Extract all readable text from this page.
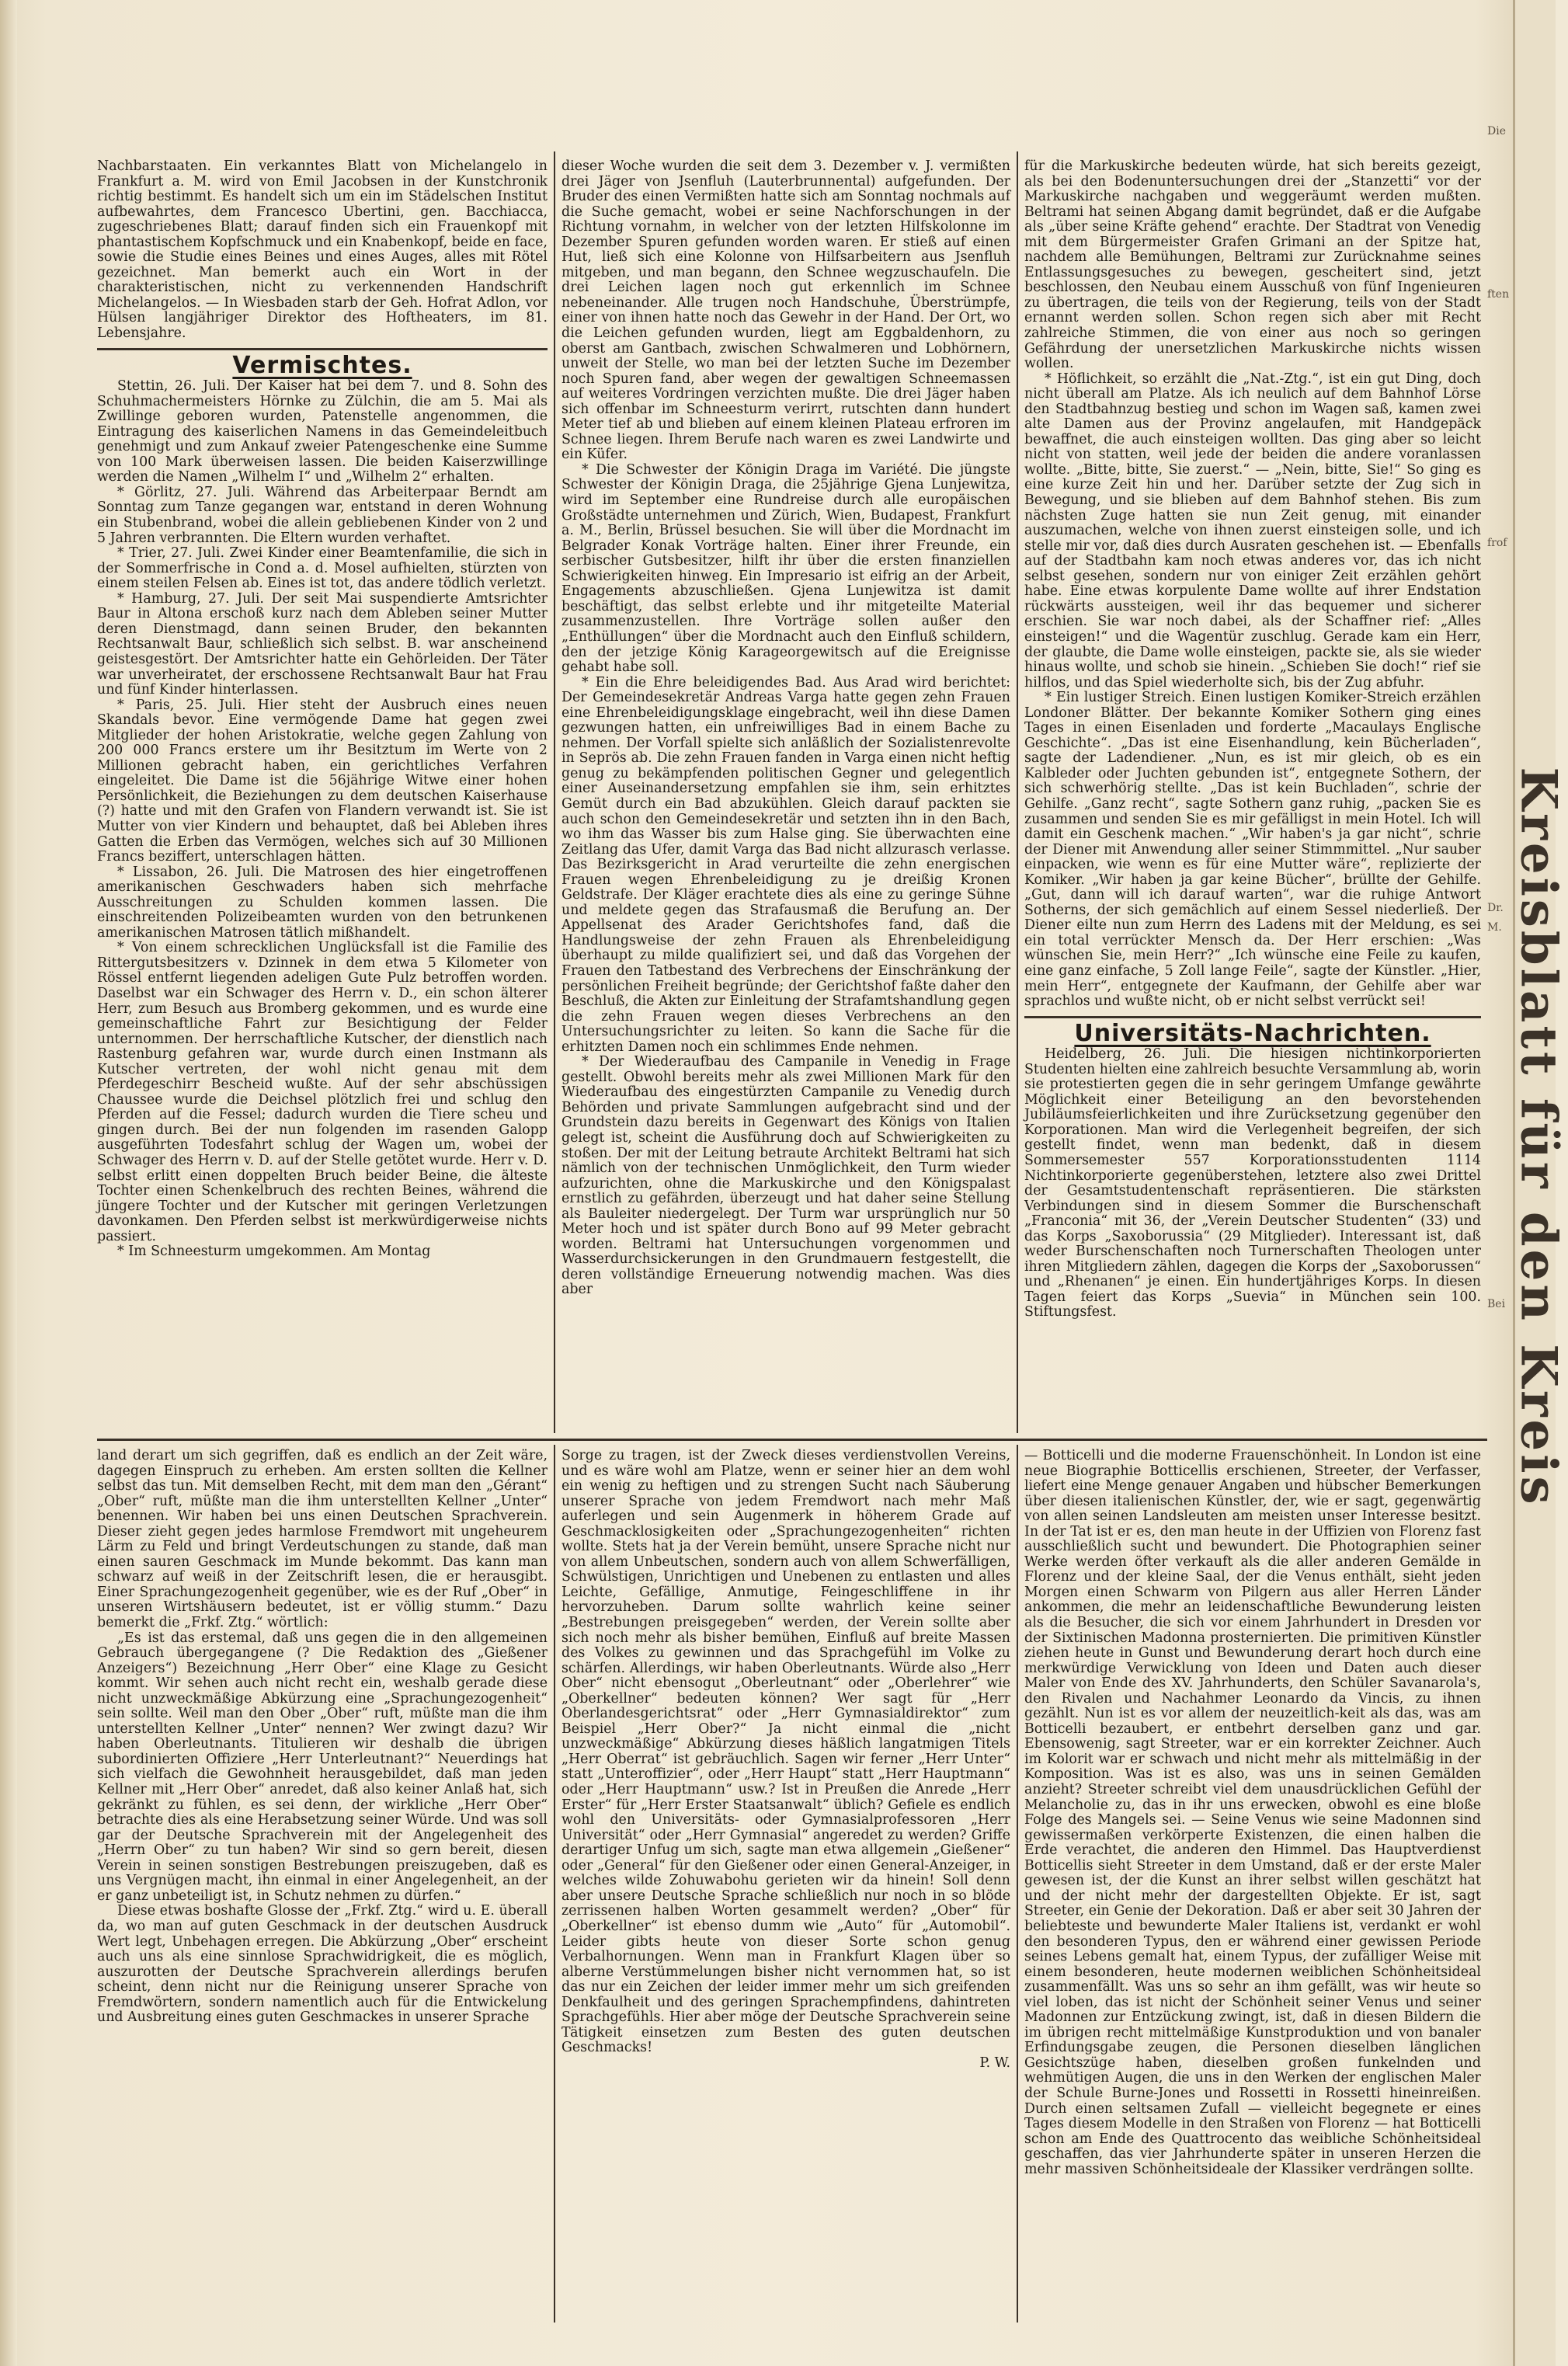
Nachbarstaaten. Ein verkanntes Blatt von Michelangelo in Frankfurt a. M. wird von Emil Jacobsen in der Kunstchronik richtig bestimmt. Es handelt sich um ein im Städelschen Institut aufbewahrtes, dem Francesco Ubertini, gen. Bacchiacca, zugeschriebenes Blatt; darauf finden sich ein Frauenkopf mit phantastischem Kopfschmuck und ein Knabenkopf, beide en face, sowie die Studie eines Beines und eines Auges, alles mit Rötel gezeichnet. Man bemerkt auch ein Wort in der charakteristischen, nicht zu verkennenden Handschrift Michelangelos. — In Wiesbaden starb der Geh. Hofrat Adlon, vor Hülsen langjähriger Direktor des Hoftheaters, im 81. Lebensjahre.

Vermischtes.

Stettin, 26. Juli. Der Kaiser hat bei dem 7. und 8. Sohn des Schuhmachermeisters Hörnke zu Zülchin, die am 5. Mai als Zwillinge geboren wurden, Patenstelle angenommen, die Eintragung des kaiserlichen Namens in das Gemeindeleitbuch genehmigt und zum Ankauf zweier Patengeschenke eine Summe von 100 Mark überweisen lassen. Die beiden Kaiserzwillinge werden die Namen „Wilhelm I“ und „Wilhelm 2“ erhalten.

* Görlitz, 27. Juli. Während das Arbeiterpaar Berndt am Sonntag zum Tanze gegangen war, entstand in deren Wohnung ein Stubenbrand, wobei die allein gebliebenen Kinder von 2 und 5 Jahren verbrannten. Die Eltern wurden verhaftet.

* Trier, 27. Juli. Zwei Kinder einer Beamtenfamilie, die sich in der Sommerfrische in Cond a. d. Mosel aufhielten, stürzten von einem steilen Felsen ab. Eines ist tot, das andere tödlich verletzt.

* Hamburg, 27. Juli. Der seit Mai suspendierte Amtsrichter Baur in Altona erschoß kurz nach dem Ableben seiner Mutter deren Dienstmagd, dann seinen Bruder, den bekannten Rechtsanwalt Baur, schließlich sich selbst. B. war anscheinend geistesgestört. Der Amtsrichter hatte ein Gehörleiden. Der Täter war unverheiratet, der erschossene Rechtsanwalt Baur hat Frau und fünf Kinder hinterlassen.

* Paris, 25. Juli. Hier steht der Ausbruch eines neuen Skandals bevor. Eine vermögende Dame hat gegen zwei Mitglieder der hohen Aristokratie, welche gegen Zahlung von 200 000 Francs erstere um ihr Besitztum im Werte von 2 Millionen gebracht haben, ein gerichtliches Verfahren eingeleitet. Die Dame ist die 56jährige Witwe einer hohen Persönlichkeit, die Beziehungen zu dem deutschen Kaiserhause (?) hatte und mit den Grafen von Flandern verwandt ist. Sie ist Mutter von vier Kindern und behauptet, daß bei Ableben ihres Gatten die Erben das Vermögen, welches sich auf 30 Millionen Francs beziffert, unterschlagen hätten.

* Lissabon, 26. Juli. Die Matrosen des hier eingetroffenen amerikanischen Geschwaders haben sich mehrfache Ausschreitungen zu Schulden kommen lassen. Die einschreitenden Polizeibeamten wurden von den betrunkenen amerikanischen Matrosen tätlich mißhandelt.

* Von einem schrecklichen Unglücksfall ist die Familie des Rittergutsbesitzers v. Dzinnek in dem etwa 5 Kilometer von Rössel entfernt liegenden adeligen Gute Pulz betroffen worden. Daselbst war ein Schwager des Herrn v. D., ein schon älterer Herr, zum Besuch aus Bromberg gekommen, und es wurde eine gemeinschaftliche Fahrt zur Besichtigung der Felder unternommen. Der herrschaftliche Kutscher, der dienstlich nach Rastenburg gefahren war, wurde durch einen Instmann als Kutscher vertreten, der wohl nicht genau mit dem Pferdegeschirr Bescheid wußte. Auf der sehr abschüssigen Chaussee wurde die Deichsel plötzlich frei und schlug den Pferden auf die Fessel; dadurch wurden die Tiere scheu und gingen durch. Bei der nun folgenden im rasenden Galopp ausgeführten Todesfahrt schlug der Wagen um, wobei der Schwager des Herrn v. D. auf der Stelle getötet wurde. Herr v. D. selbst erlitt einen doppelten Bruch beider Beine, die älteste Tochter einen Schenkelbruch des rechten Beines, während die jüngere Tochter und der Kutscher mit geringen Verletzungen davonkamen. Den Pferden selbst ist merkwürdigerweise nichts passiert.

* Im Schneesturm umgekommen. Am Montag

dieser Woche wurden die seit dem 3. Dezember v. J. vermißten drei Jäger von Jsenfluh (Lauterbrunnental) aufgefunden. Der Bruder des einen Vermißten hatte sich am Sonntag nochmals auf die Suche gemacht, wobei er seine Nachforschungen in der Richtung vornahm, in welcher von der letzten Hilfskolonne im Dezember Spuren gefunden worden waren. Er stieß auf einen Hut, ließ sich eine Kolonne von Hilfsarbeitern aus Jsenfluh mitgeben, und man begann, den Schnee wegzuschaufeln. Die drei Leichen lagen noch gut erkennlich im Schnee nebeneinander. Alle trugen noch Handschuhe, Überstrümpfe, einer von ihnen hatte noch das Gewehr in der Hand. Der Ort, wo die Leichen gefunden wurden, liegt am Eggbaldenhorn, zu oberst am Gantbach, zwischen Schwalmeren und Lobhörnern, unweit der Stelle, wo man bei der letzten Suche im Dezember noch Spuren fand, aber wegen der gewaltigen Schneemassen auf weiteres Vordringen verzichten mußte. Die drei Jäger haben sich offenbar im Schneesturm verirrt, rutschten dann hundert Meter tief ab und blieben auf einem kleinen Plateau erfroren im Schnee liegen. Ihrem Berufe nach waren es zwei Landwirte und ein Küfer.

* Die Schwester der Königin Draga im Variété. Die jüngste Schwester der Königin Draga, die 25jährige Gjena Lunjewitza, wird im September eine Rundreise durch alle europäischen Großstädte unternehmen und Zürich, Wien, Budapest, Frankfurt a. M., Berlin, Brüssel besuchen. Sie will über die Mordnacht im Belgrader Konak Vorträge halten. Einer ihrer Freunde, ein serbischer Gutsbesitzer, hilft ihr über die ersten finanziellen Schwierigkeiten hinweg. Ein Impresario ist eifrig an der Arbeit, Engagements abzuschließen. Gjena Lunjewitza ist damit beschäftigt, das selbst erlebte und ihr mitgeteilte Material zusammenzustellen. Ihre Vorträge sollen außer den „Enthüllungen“ über die Mordnacht auch den Einfluß schildern, den der jetzige König Karageorgewitsch auf die Ereignisse gehabt habe soll.

* Ein die Ehre beleidigendes Bad. Aus Arad wird berichtet: Der Gemeindesekretär Andreas Varga hatte gegen zehn Frauen eine Ehrenbeleidigungsklage eingebracht, weil ihn diese Damen gezwungen hatten, ein unfreiwilliges Bad in einem Bache zu nehmen. Der Vorfall spielte sich anläßlich der Sozialistenrevolte in Seprös ab. Die zehn Frauen fanden in Varga einen nicht heftig genug zu bekämpfenden politischen Gegner und gelegentlich einer Auseinandersetzung empfahlen sie ihm, sein erhitztes Gemüt durch ein Bad abzukühlen. Gleich darauf packten sie auch schon den Gemeindesekretär und setzten ihn in den Bach, wo ihm das Wasser bis zum Halse ging. Sie überwachten eine Zeitlang das Ufer, damit Varga das Bad nicht allzurasch verlasse. Das Bezirksgericht in Arad verurteilte die zehn energischen Frauen wegen Ehrenbeleidigung zu je dreißig Kronen Geldstrafe. Der Kläger erachtete dies als eine zu geringe Sühne und meldete gegen das Strafausmaß die Berufung an. Der Appellsenat des Arader Gerichtshofes fand, daß die Handlungsweise der zehn Frauen als Ehrenbeleidigung überhaupt zu milde qualifiziert sei, und daß das Vorgehen der Frauen den Tatbestand des Verbrechens der Einschränkung der persönlichen Freiheit begründe; der Gerichtshof faßte daher den Beschluß, die Akten zur Einleitung der Strafamtshandlung gegen die zehn Frauen wegen dieses Verbrechens an den Untersuchungsrichter zu leiten. So kann die Sache für die erhitzten Damen noch ein schlimmes Ende nehmen.

* Der Wiederaufbau des Campanile in Venedig in Frage gestellt. Obwohl bereits mehr als zwei Millionen Mark für den Wiederaufbau des eingestürzten Campanile zu Venedig durch Behörden und private Sammlungen aufgebracht sind und der Grundstein dazu bereits in Gegenwart des Königs von Italien gelegt ist, scheint die Ausführung doch auf Schwierigkeiten zu stoßen. Der mit der Leitung betraute Architekt Beltrami hat sich nämlich von der technischen Unmöglichkeit, den Turm wieder aufzurichten, ohne die Markuskirche und den Königspalast ernstlich zu gefährden, überzeugt und hat daher seine Stellung als Bauleiter niedergelegt. Der Turm war ursprünglich nur 50 Meter hoch und ist später durch Bono auf 99 Meter gebracht worden. Beltrami hat Untersuchungen vorgenommen und Wasserdurchsickerungen in den Grundmauern festgestellt, die deren vollständige Erneuerung notwendig machen. Was dies aber

für die Markuskirche bedeuten würde, hat sich bereits gezeigt, als bei den Bodenuntersuchungen drei der „Stanzetti“ vor der Markuskirche nachgaben und weggeräumt werden mußten. Beltrami hat seinen Abgang damit begründet, daß er die Aufgabe als „über seine Kräfte gehend“ erachte. Der Stadtrat von Venedig mit dem Bürgermeister Grafen Grimani an der Spitze hat, nachdem alle Bemühungen, Beltrami zur Zurücknahme seines Entlassungsgesuches zu bewegen, gescheitert sind, jetzt beschlossen, den Neubau einem Ausschuß von fünf Ingenieuren zu übertragen, die teils von der Regierung, teils von der Stadt ernannt werden sollen. Schon regen sich aber mit Recht zahlreiche Stimmen, die von einer aus noch so geringen Gefährdung der unersetzlichen Markuskirche nichts wissen wollen.

* Höflichkeit, so erzählt die „Nat.-Ztg.“, ist ein gut Ding, doch nicht überall am Platze. Als ich neulich auf dem Bahnhof Lörse den Stadtbahnzug bestieg und schon im Wagen saß, kamen zwei alte Damen aus der Provinz angelaufen, mit Handgepäck bewaffnet, die auch einsteigen wollten. Das ging aber so leicht nicht von statten, weil jede der beiden die andere voranlassen wollte. „Bitte, bitte, Sie zuerst.“ — „Nein, bitte, Sie!“ So ging es eine kurze Zeit hin und her. Darüber setzte der Zug sich in Bewegung, und sie blieben auf dem Bahnhof stehen. Bis zum nächsten Zuge hatten sie nun Zeit genug, mit einander auszumachen, welche von ihnen zuerst einsteigen solle, und ich stelle mir vor, daß dies durch Ausraten geschehen ist. — Ebenfalls auf der Stadtbahn kam noch etwas anderes vor, das ich nicht selbst gesehen, sondern nur von einiger Zeit erzählen gehört habe. Eine etwas korpulente Dame wollte auf ihrer Endstation rückwärts aussteigen, weil ihr das bequemer und sicherer erschien. Sie war noch dabei, als der Schaffner rief: „Alles einsteigen!“ und die Wagentür zuschlug. Gerade kam ein Herr, der glaubte, die Dame wolle einsteigen, packte sie, als sie wieder hinaus wollte, und schob sie hinein. „Schieben Sie doch!“ rief sie hilflos, und das Spiel wiederholte sich, bis der Zug abfuhr.

* Ein lustiger Streich. Einen lustigen Komiker-Streich erzählen Londoner Blätter. Der bekannte Komiker Sothern ging eines Tages in einen Eisenladen und forderte „Macaulays Englische Geschichte“. „Das ist eine Eisenhandlung, kein Bücherladen“, sagte der Ladendiener. „Nun, es ist mir gleich, ob es ein Kalbleder oder Juchten gebunden ist“, entgegnete Sothern, der sich schwerhörig stellte. „Das ist kein Buchladen“, schrie der Gehilfe. „Ganz recht“, sagte Sothern ganz ruhig, „packen Sie es zusammen und senden Sie es mir gefälligst in mein Hotel. Ich will damit ein Geschenk machen.“ „Wir haben's ja gar nicht“, schrie der Diener mit Anwendung aller seiner Stimmmittel. „Nur sauber einpacken, wie wenn es für eine Mutter wäre“, replizierte der Komiker. „Wir haben ja gar keine Bücher“, brüllte der Gehilfe. „Gut, dann will ich darauf warten“, war die ruhige Antwort Sotherns, der sich gemächlich auf einem Sessel niederließ. Der Diener eilte nun zum Herrn des Ladens mit der Meldung, es sei ein total verrückter Mensch da. Der Herr erschien: „Was wünschen Sie, mein Herr?“ „Ich wünsche eine Feile zu kaufen, eine ganz einfache, 5 Zoll lange Feile“, sagte der Künstler. „Hier, mein Herr“, entgegnete der Kaufmann, der Gehilfe aber war sprachlos und wußte nicht, ob er nicht selbst verrückt sei!

Universitäts-Nachrichten.

Heidelberg, 26. Juli. Die hiesigen nichtinkorporierten Studenten hielten eine zahlreich besuchte Versammlung ab, worin sie protestierten gegen die in sehr geringem Umfange gewährte Möglichkeit einer Beteiligung an den bevorstehenden Jubiläumsfeierlichkeiten und ihre Zurücksetzung gegenüber den Korporationen. Man wird die Verlegenheit begreifen, der sich gestellt findet, wenn man bedenkt, daß in diesem Sommersemester 557 Korporationsstudenten 1114 Nichtinkorporierte gegenüberstehen, letztere also zwei Drittel der Gesamtstudentenschaft repräsentieren. Die stärksten Verbindungen sind in diesem Sommer die Burschenschaft „Franconia“ mit 36, der „Verein Deutscher Studenten“ (33) und das Korps „Saxoborussia“ (29 Mitglieder). Interessant ist, daß weder Burschenschaften noch Turnerschaften Theologen unter ihren Mitgliedern zählen, dagegen die Korps der „Saxoborussen“ und „Rhenanen“ je einen. Ein hundertjähriges Korps. In diesen Tagen feiert das Korps „Suevia“ in München sein 100. Stiftungsfest.

land derart um sich gegriffen, daß es endlich an der Zeit wäre, dagegen Einspruch zu erheben. Am ersten sollten die Kellner selbst das tun. Mit demselben Recht, mit dem man den „Gérant“ „Ober“ ruft, müßte man die ihm unterstellten Kellner „Unter“ benennen. Wir haben bei uns einen Deutschen Sprachverein. Dieser zieht gegen jedes harmlose Fremdwort mit ungeheurem Lärm zu Feld und bringt Verdeutschungen zu stande, daß man einen sauren Geschmack im Munde bekommt. Das kann man schwarz auf weiß in der Zeitschrift lesen, die er herausgibt. Einer Sprachungezogenheit gegenüber, wie es der Ruf „Ober“ in unseren Wirtshäusern bedeutet, ist er völlig stumm.“ Dazu bemerkt die „Frkf. Ztg.“ wörtlich:

„Es ist das erstemal, daß uns gegen die in den allgemeinen Gebrauch übergegangene (? Die Redaktion des „Gießener Anzeigers“) Bezeichnung „Herr Ober“ eine Klage zu Gesicht kommt. Wir sehen auch nicht recht ein, weshalb gerade diese nicht unzweckmäßige Abkürzung eine „Sprachungezogenheit“ sein sollte. Weil man den Ober „Ober“ ruft, müßte man die ihm unterstellten Kellner „Unter“ nennen? Wer zwingt dazu? Wir haben Oberleutnants. Titulieren wir deshalb die übrigen subordinierten Offiziere „Herr Unterleutnant?“ Neuerdings hat sich vielfach die Gewohnheit herausgebildet, daß man jeden Kellner mit „Herr Ober“ anredet, daß also keiner Anlaß hat, sich gekränkt zu fühlen, es sei denn, der wirkliche „Herr Ober“ betrachte dies als eine Herabsetzung seiner Würde. Und was soll gar der Deutsche Sprachverein mit der Angelegenheit des „Herrn Ober“ zu tun haben? Wir sind so gern bereit, diesen Verein in seinen sonstigen Bestrebungen preiszugeben, daß es uns Vergnügen macht, ihn einmal in einer Angelegenheit, an der er ganz unbeteiligt ist, in Schutz nehmen zu dürfen.“

Diese etwas boshafte Glosse der „Frkf. Ztg.“ wird u. E. überall da, wo man auf guten Geschmack in der deutschen Ausdruck Wert legt, Unbehagen erregen. Die Abkürzung „Ober“ erscheint auch uns als eine sinnlose Sprachwidrigkeit, die es möglich, auszurotten der Deutsche Sprachverein allerdings berufen scheint, denn nicht nur die Reinigung unserer Sprache von Fremdwörtern, sondern namentlich auch für die Entwickelung und Ausbreitung eines guten Geschmackes in unserer Sprache

Sorge zu tragen, ist der Zweck dieses verdienstvollen Vereins, und es wäre wohl am Platze, wenn er seiner hier an dem wohl ein wenig zu heftigen und zu strengen Sucht nach Säuberung unserer Sprache von jedem Fremdwort nach mehr Maß auferlegen und sein Augenmerk in höherem Grade auf Geschmacklosigkeiten oder „Sprachungezogenheiten“ richten wollte. Stets hat ja der Verein bemüht, unsere Sprache nicht nur von allem Unbeutschen, sondern auch von allem Schwerfälligen, Schwülstigen, Unrichtigen und Unebenen zu entlasten und alles Leichte, Gefällige, Anmutige, Feingeschliffene in ihr hervorzuheben. Darum sollte wahrlich keine seiner „Bestrebungen preisgegeben“ werden, der Verein sollte aber sich noch mehr als bisher bemühen, Einfluß auf breite Massen des Volkes zu gewinnen und das Sprachgefühl im Volke zu schärfen. Allerdings, wir haben Oberleutnants. Würde also „Herr Ober“ nicht ebensogut „Oberleutnant“ oder „Oberlehrer“ wie „Oberkellner“ bedeuten können? Wer sagt für „Herr Oberlandesgerichtsrat“ oder „Herr Gymnasialdirektor“ zum Beispiel „Herr Ober?“ Ja nicht einmal die „nicht unzweckmäßige“ Abkürzung dieses häßlich langatmigen Titels „Herr Oberrat“ ist gebräuchlich. Sagen wir ferner „Herr Unter“ statt „Unteroffizier“, oder „Herr Haupt“ statt „Herr Hauptmann“ oder „Herr Hauptmann“ usw.? Ist in Preußen die Anrede „Herr Erster“ für „Herr Erster Staatsanwalt“ üblich? Gefiele es endlich wohl den Universitäts- oder Gymnasialprofessoren „Herr Universität“ oder „Herr Gymnasial“ angeredet zu werden? Griffe derartiger Unfug um sich, sagte man etwa allgemein „Gießener“ oder „General“ für den Gießener oder einen General-Anzeiger, in welches wilde Zohuwabohu gerieten wir da hinein! Soll denn aber unsere Deutsche Sprache schließlich nur noch in so blöde zerrissenen halben Worten gesammelt werden? „Ober“ für „Oberkellner“ ist ebenso dumm wie „Auto“ für „Automobil“. Leider gibts heute von dieser Sorte schon genug Verbalhornungen. Wenn man in Frankfurt Klagen über so alberne Verstümmelungen bisher nicht vernommen hat, so ist das nur ein Zeichen der leider immer mehr um sich greifenden Denkfaulheit und des geringen Sprachempfindens, dahintreten Sprachgefühls. Hier aber möge der Deutsche Sprachverein seine Tätigkeit einsetzen zum Besten des guten deutschen Geschmacks!

P. W.

— Botticelli und die moderne Frauenschönheit. In London ist eine neue Biographie Botticellis erschienen, Streeter, der Verfasser, liefert eine Menge genauer Angaben und hübscher Bemerkungen über diesen italienischen Künstler, der, wie er sagt, gegenwärtig von allen seinen Landsleuten am meisten unser Interesse besitzt. In der Tat ist er es, den man heute in der Uffizien von Florenz fast ausschließlich sucht und bewundert. Die Photographien seiner Werke werden öfter verkauft als die aller anderen Gemälde in Florenz und der kleine Saal, der die Venus enthält, sieht jeden Morgen einen Schwarm von Pilgern aus aller Herren Länder ankommen, die mehr an leidenschaftliche Bewunderung leisten als die Besucher, die sich vor einem Jahrhundert in Dresden vor der Sixtinischen Madonna prosternierten. Die primitiven Künstler ziehen heute in Gunst und Bewunderung derart hoch durch eine merkwürdige Verwicklung von Ideen und Daten auch dieser Maler von Ende des XV. Jahrhunderts, den Schüler Savanarola's, den Rivalen und Nachahmer Leonardo da Vincis, zu ihnen gezählt. Nun ist es vor allem der neuzeitlich-keit als das, was am Botticelli bezaubert, er entbehrt derselben ganz und gar. Ebensowenig, sagt Streeter, war er ein korrekter Zeichner. Auch im Kolorit war er schwach und nicht mehr als mittelmäßig in der Komposition. Was ist es also, was uns in seinen Gemälden anzieht? Streeter schreibt viel dem unausdrücklichen Gefühl der Melancholie zu, das in ihr uns erwecken, obwohl es eine bloße Folge des Mangels sei. — Seine Venus wie seine Madonnen sind gewissermaßen verkörperte Existenzen, die einen halben die Erde verachtet, die anderen den Himmel. Das Hauptverdienst Botticellis sieht Streeter in dem Umstand, daß er der erste Maler gewesen ist, der die Kunst an ihrer selbst willen geschätzt hat und der nicht mehr der dargestellten Objekte. Er ist, sagt Streeter, ein Genie der Dekoration. Daß er aber seit 30 Jahren der beliebteste und bewunderte Maler Italiens ist, verdankt er wohl den besonderen Typus, den er während einer gewissen Periode seines Lebens gemalt hat, einem Typus, der zufälliger Weise mit einem besonderen, heute modernen weiblichen Schönheitsideal zusammenfällt. Was uns so sehr an ihm gefällt, was wir heute so viel loben, das ist nicht der Schönheit seiner Venus und seiner Madonnen zur Entzückung zwingt, ist, daß in diesen Bildern die im übrigen recht mittelmäßige Kunstproduktion und von banaler Erfindungsgabe zeugen, die Personen dieselben länglichen Gesichtszüge haben, dieselben großen funkelnden und wehmütigen Augen, die uns in den Werken der englischen Maler der Schule Burne-Jones und Rossetti in Rossetti hineinreißen. Durch einen seltsamen Zufall — vielleicht begegnete er eines Tages diesem Modelle in den Straßen von Florenz — hat Botticelli schon am Ende des Quattrocento das weibliche Schönheitsideal geschaffen, das vier Jahrhunderte später in unseren Herzen die mehr massiven Schönheitsideale der Klassiker verdrängen sollte.

Kreisblatt für den Kreis
Die
ften
frof
Dr.
M.
Bei
